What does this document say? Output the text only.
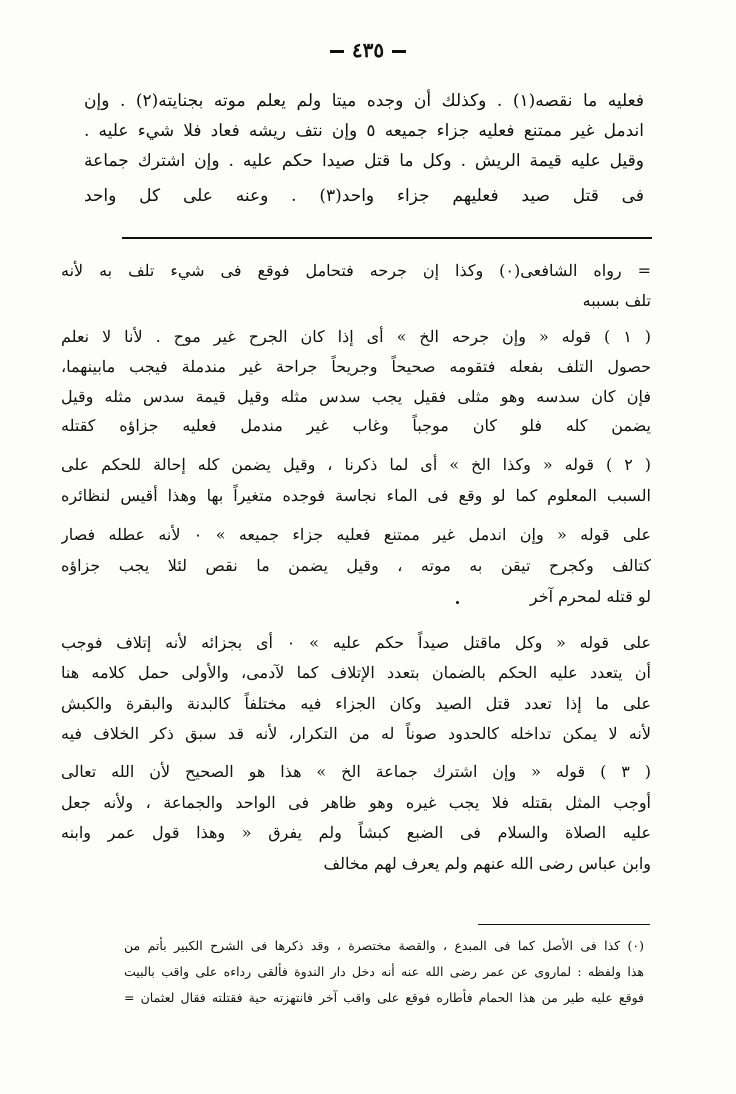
٤٣٥
فعليه ما نقصه(١) . وكذلك أن وجده ميتا ولم يعلم موته بجنايته(٢) . وإن
اندمل غير ممتنع فعليه جزاء جميعه ٥ وإن نتف ريشه فعاد فلا شيء عليه .
وقيل عليه قيمة الريش . وكل ما قتل صيدا حكم عليه . وإن اشترك جماعة
فى قتل صيد فعليهم جزاء واحد(٣) . وعنه على كل واحد
= رواه الشافعى(٠) وكذا إن جرحه فتحامل فوقع فى شيء تلف به لأنه
تلف بسببه
( ١ ) قوله « وإن جرحه الخ » أى إذا كان الجرح غير موح . لأنا لا نعلم
حصول التلف بفعله فتقومه صحيحاً وجريحاً جراحة غير مندملة فيجب مابينهما،
فإن كان سدسه وهو مثلى فقيل يجب سدس مثله وقيل قيمة سدس مثله وقيل
يضمن كله فلو كان موجباً وغاب غير مندمل فعليه جزاؤه كقتله
( ٢ ) قوله « وكذا الخ » أى لما ذكرنا ، وقيل يضمن كله إحالة للحكم على
السبب المعلوم كما لو وقع فى الماء نجاسة فوجده متغيراً بها وهذا أقيس لنظائره
على قوله « وإن اندمل غير ممتنع فعليه جزاء جميعه » ٠ لأنه عطله فصار
كتالف وكجرح تيقن به موته ، وقيل يضمن ما نقص لئلا يجب جزاؤه
لو قتله لمحرم آخر
على قوله « وكل ماقتل صيداً حكم عليه » ٠ أى بجزائه لأنه إتلاف فوجب
أن يتعدد عليه الحكم بالضمان بتعدد الإتلاف كما لآدمى، والأولى حمل كلامه هنا
على ما إذا تعدد قتل الصيد وكان الجزاء فيه مختلفاً كالبدنة والبقرة والكبش
لأنه لا يمكن تداخله كالحدود صوناً له من التكرار، لأنه قد سبق ذكر الخلاف فيه
( ٣ ) قوله « وإن اشترك جماعة الخ » هذا هو الصحيح لأن الله تعالى
أوجب المثل بقتله فلا يجب غيره وهو ظاهر فى الواحد والجماعة ، ولأنه جعل
عليه الصلاة والسلام فى الضبع كبشاً ولم يفرق « وهذا قول عمر وابنه
وابن عباس رضى الله عنهم ولم يعرف لهم مخالف
(٠) كذا فى الأصل كما فى المبدع ، والقصة مختصرة ، وقد ذكرها فى الشرح الكبير بأتم من
هذا ولفظه : لماروى عن عمر رضى الله عنه أنه دخل دار الندوة فألقى رداءه على واقب بالبيت
فوقع عليه طير من هذا الحمام فأطاره فوقع على واقب آخر فانتهزته حية فقتلته فقال لعثمان =
